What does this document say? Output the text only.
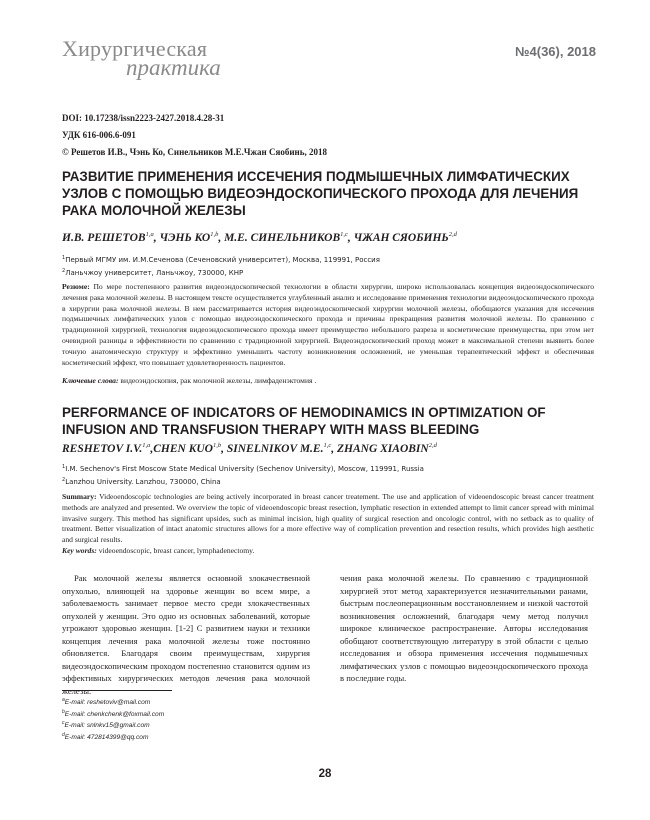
Хирургическая
практика
№4(36), 2018
DOI: 10.17238/issn2223-2427.2018.4.28-31
УДК 616-006.6-091
© Решетов И.В., Чэнь Ко, Синельников М.Е.Чжан Сяобинь, 2018
РАЗВИТИЕ ПРИМЕНЕНИЯ ИССЕЧЕНИЯ ПОДМЫШЕЧНЫХ ЛИМФАТИЧЕСКИХ УЗЛОВ С ПОМОЩЬЮ ВИДЕОЭНДОСКОПИЧЕСКОГО ПРОХОДА ДЛЯ ЛЕЧЕНИЯ РАКА МОЛОЧНОЙ ЖЕЛЕЗЫ
И.В. РЕШЕТОВ$^{1,a}$, ЧЭНЬ КО$^{1,b}$, М.Е. СИНЕЛЬНИКОВ$^{1,c}$, ЧЖАН СЯОБИНЬ$^{2,d}$
$^1$Первый МГМУ им. И.М.Сеченова (Сеченовский университет), Москва, 119991, Россия
$^2$Ланьчжоу университет, Ланьчжоу, 730000, КНР
Резюме: По мере постепенного развития видеоэндоскопической технологии в области хирургии, широко использовалась концепция видеоэндоскопического лечения рака молочной железы. В настоящем тексте осуществляется углубленный анализ и исследование применения технологии видеоэндоскопического прохода в хирургии рака молочной железы. В нем рассматривается история видеоэндоскопической хирургии молочной железы, обобщаются указания для иссечения подмышечных лимфатических узлов с помощью видеоэндоскопического прохода и причины прекращения развития молочной железы. По сравнению с традиционной хирургией, технология видеоэндоскопического прохода имеет преимущество небольшого разреза и косметические преимущества, при этом нет очевидной разницы в эффективности по сравнению с традиционной хирургией. Видеоэндоскопический проход может в максимальной степени выявить более точную анатомическую структуру и эффективно уменьшить частоту возникновения осложнений, не уменьшая терапевтический эффект и обеспечивая косметический эффект, что повышает удовлетворенность пациентов.
Ключевые слова: видеоэндоскопия, рак молочной железы, лимфаденэктомия .
PERFORMANCE OF INDICATORS OF HEMODINAMICS IN OPTIMIZATION OF INFUSION AND TRANSFUSION THERAPY WITH MASS BLEEDING
RESHETOV I.V.$^{1,a}$,CHEN KUO$^{1,b}$, SINELNIKOV M.E.$^{1,c}$, ZHANG XIAOBIN$^{2,d}$
$^1$I.M. Sechenov's First Moscow State Medical University (Sechenov University), Moscow, 119991, Russia
$^2$Lanzhou University. Lanzhou, 730000, China
Summary: Videoendoscopic technologies are being actively incorporated in breast cancer treatement. The use and application of videoendoscopic breast cancer treatment methods are analyzed and presented. We overview the topic of videoendoscopic breast resection, lymphatic resection in extended attempt to limit cancer spread with minimal invasive surgery. This method has significant upsides, such as minimal incision, high quality of surgical resection and oncologic control, with no setback as to quality of treatment. Better visualization of intact anatomic structures allows for a more effective way of complication prevention and resection results, which provides high aesthetic and surgical results.
Key words: videoendoscopic, breast cancer, lymphadenectomy.
Рак молочной железы является основной злокачественной опухолью, влияющей на здоровье женщин во всем мире, а заболеваемость занимает первое место среди злокачественных опухолей у женщин. Это одно из основных заболеваний, которые угрожают здоровью женщин. [1-2] С развитием науки и техники концепция лечения рака молочной железы тоже постоянно обновляется. Благодаря своим преимуществам, хирургия видеоэндоскопическим проходом постепенно становится одним из эффективных хирургических методов лечения рака молочной железы.
чения рака молочной железы. По сравнению с традиционной хирургией этот метод характеризуется незначительными ранами, быстрым послеоперационным восстановлением и низкой частотой возникновения осложнений, благодаря чему метод получил широкое клиническое распространение. Авторы исследования обобщают соответствующую литературу в этой области с целью исследования и обзора применения иссечения подмышечных лимфатических узлов с помощью видеоэндоскопического прохода в последние годы.
$^a$E-mail: reshetoviv@mail.com
$^b$E-mail: chenkchenk@foxmail.com
$^c$E-mail: snlnkv15@gmail.com
$^d$E-mail: 472814399@qq.com
28
